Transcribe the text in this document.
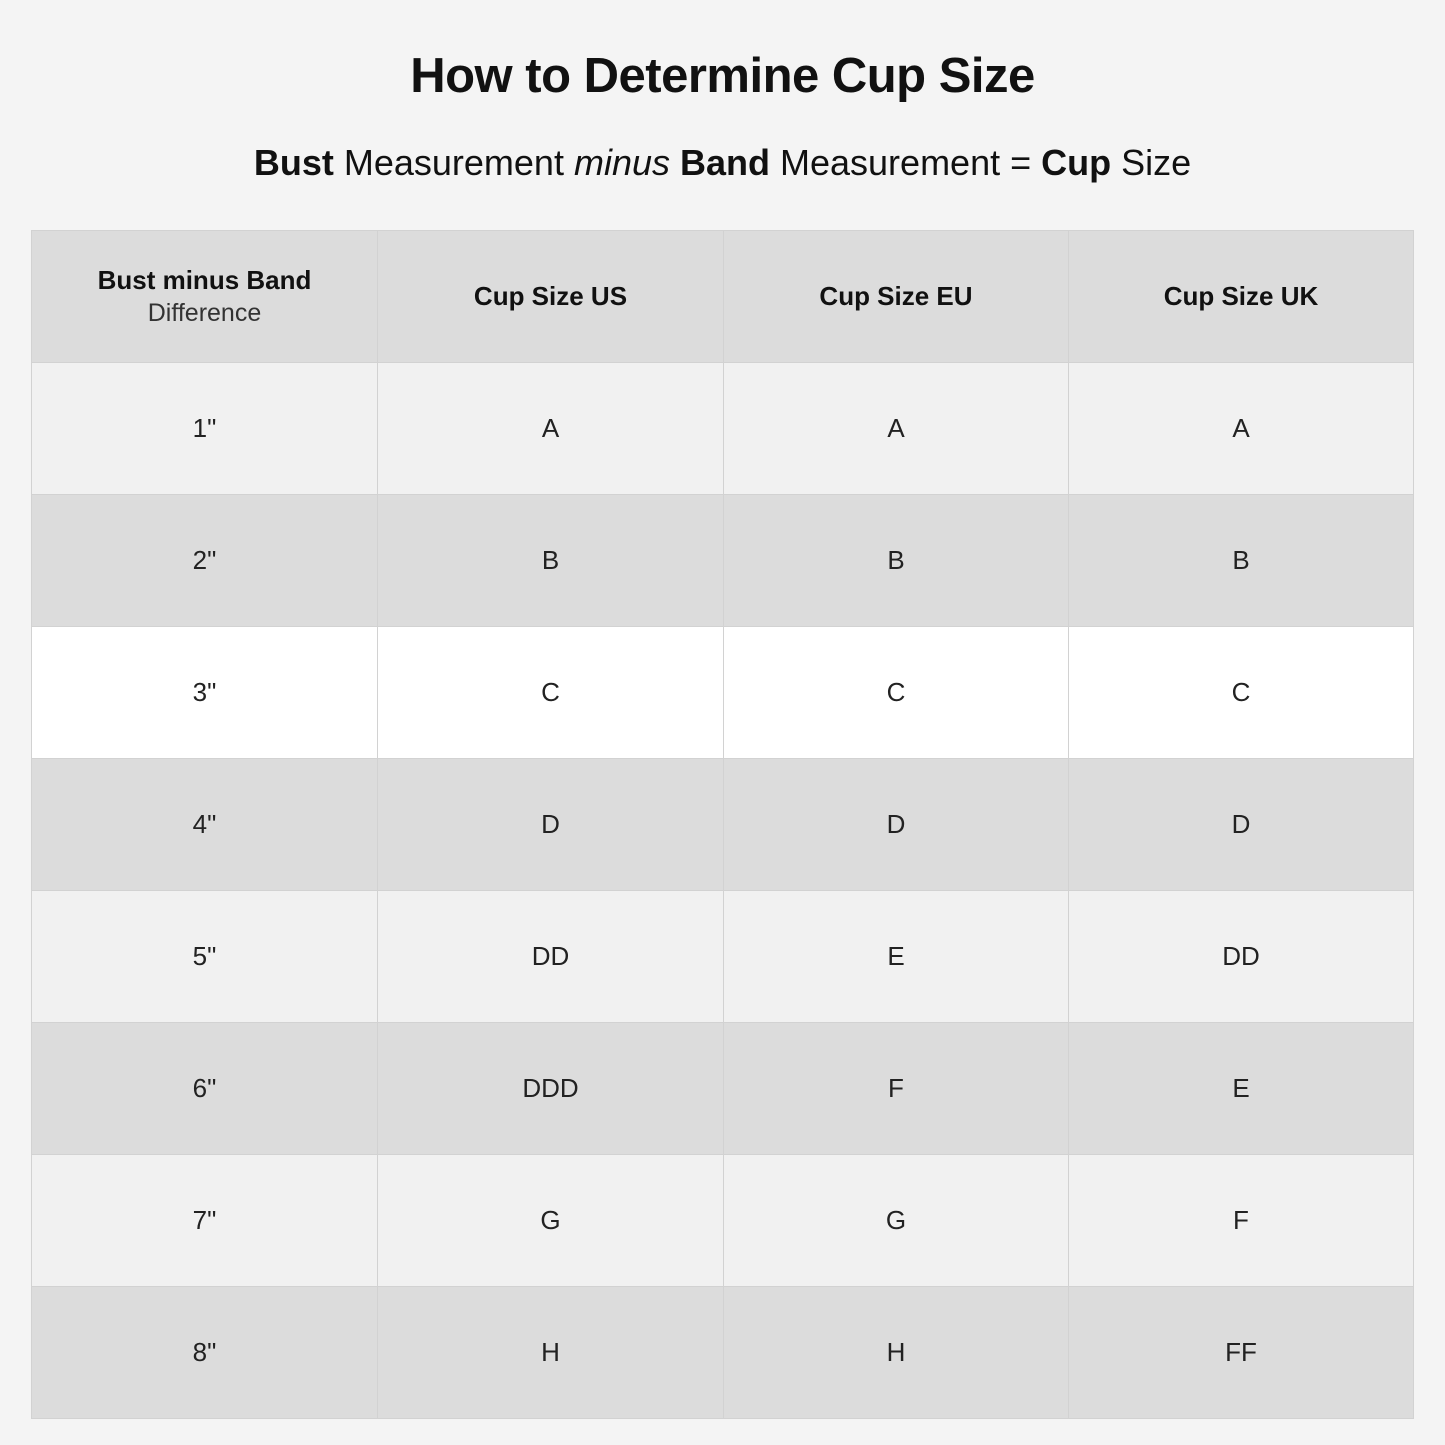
How to Determine Cup Size
Bust Measurement minus Band Measurement = Cup Size
Bust minus Band
Difference	Cup Size US	Cup Size EU	Cup Size UK

1"	A	A	A
2"	B	B	B
3"	C	C	C
4"	D	D	D
5"	DD	E	DD
6"	DDD	F	E
7"	G	G	F
8"	H	H	FF
